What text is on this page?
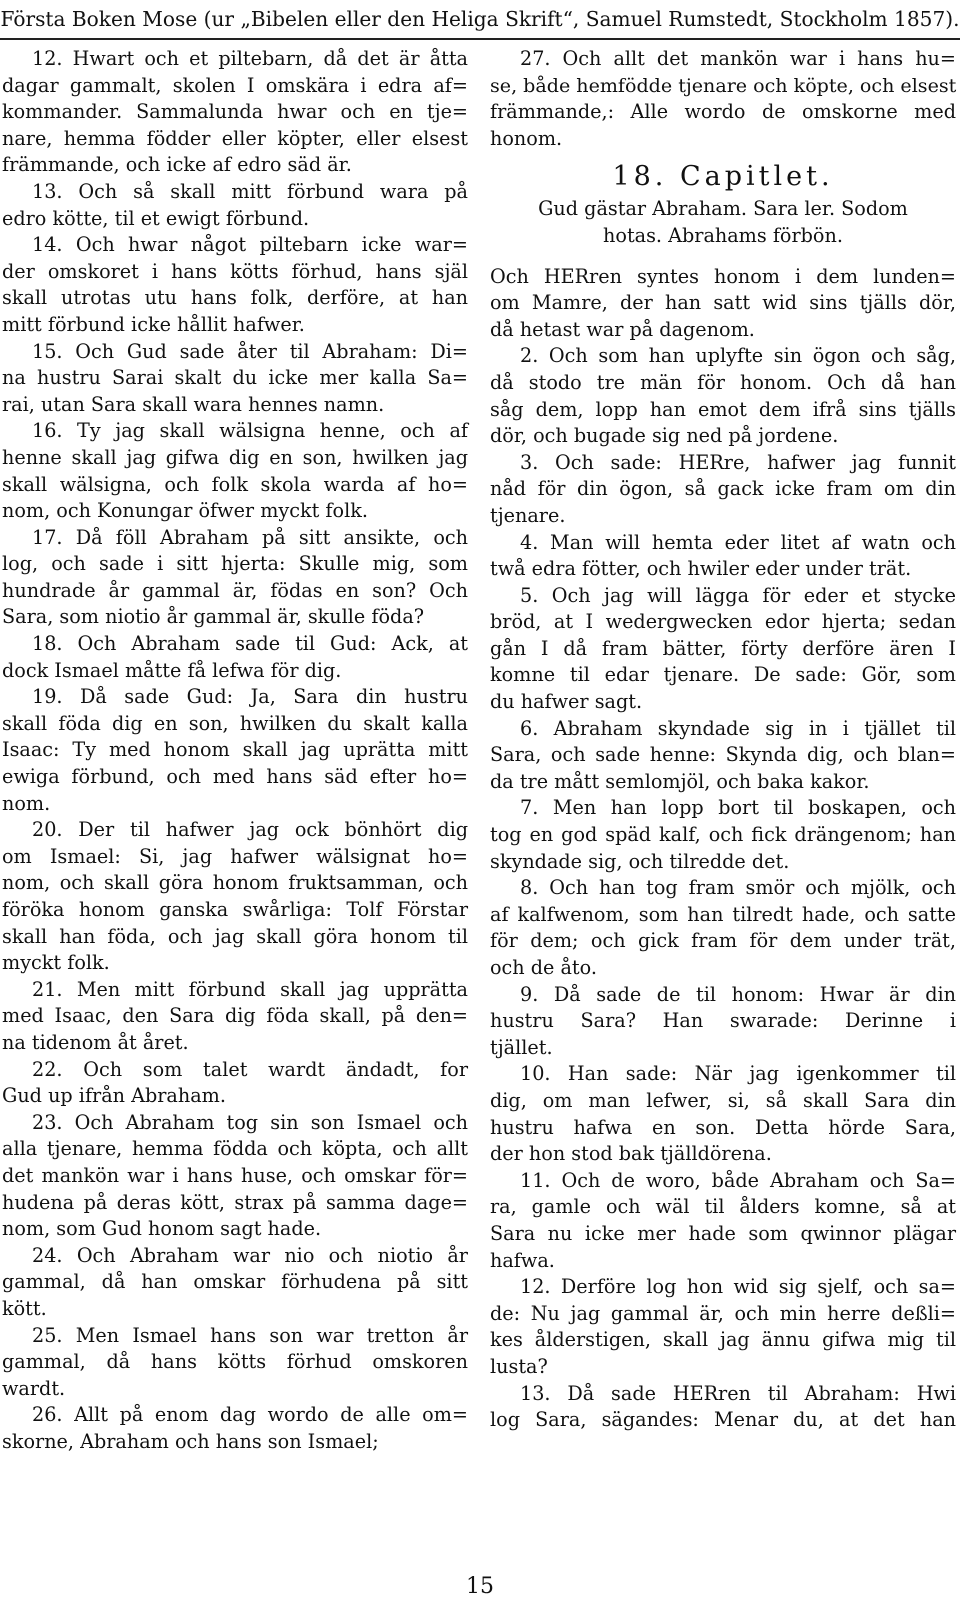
Första Boken Mose (ur „Bibelen eller den Heliga Skrift“, Samuel Rumstedt, Stockholm 1857).
12. Hwart och et piltebarn, då det är åtta
dagar gammalt, skolen I omskära i edra af=
kommander. Sammalunda hwar och en tje=
nare, hemma födder eller köpter, eller elsest
främmande, och icke af edro säd är.
13. Och så skall mitt förbund wara på
edro kötte, til et ewigt förbund.
14. Och hwar något piltebarn icke war=
der omskoret i hans kötts förhud, hans själ
skall utrotas utu hans folk, derföre, at han
mitt förbund icke hållit hafwer.
15. Och Gud sade åter til Abraham: Di=
na hustru Sarai skalt du icke mer kalla Sa=
rai, utan Sara skall wara hennes namn.
16. Ty jag skall wälsigna henne, och af
henne skall jag gifwa dig en son, hwilken jag
skall wälsigna, och folk skola warda af ho=
nom, och Konungar öfwer myckt folk.
17. Då föll Abraham på sitt ansikte, och
log, och sade i sitt hjerta: Skulle mig, som
hundrade år gammal är, födas en son? Och
Sara, som niotio år gammal är, skulle föda?
18. Och Abraham sade til Gud: Ack, at
dock Ismael måtte få lefwa för dig.
19. Då sade Gud: Ja, Sara din hustru
skall föda dig en son, hwilken du skalt kalla
Isaac: Ty med honom skall jag uprätta mitt
ewiga förbund, och med hans säd efter ho=
nom.
20. Der til hafwer jag ock bönhört dig
om Ismael: Si, jag hafwer wälsignat ho=
nom, och skall göra honom fruktsamman, och
föröka honom ganska swårliga: Tolf Förstar
skall han föda, och jag skall göra honom til
myckt folk.
21. Men mitt förbund skall jag upprätta
med Isaac, den Sara dig föda skall, på den=
na tidenom åt året.
22. Och som talet wardt ändadt, for
Gud up ifrån Abraham.
23. Och Abraham tog sin son Ismael och
alla tjenare, hemma födda och köpta, och allt
det mankön war i hans huse, och omskar för=
hudena på deras kött, strax på samma dage=
nom, som Gud honom sagt hade.
24. Och Abraham war nio och niotio år
gammal, då han omskar förhudena på sitt
kött.
25. Men Ismael hans son war tretton år
gammal, då hans kötts förhud omskoren
wardt.
26. Allt på enom dag wordo de alle om=
skorne, Abraham och hans son Ismael;
27. Och allt det mankön war i hans hu=
se, både hemfödde tjenare och köpte, och elsest
främmande,: Alle wordo de omskorne med
honom.
18. Capitlet.
Gud gästar Abraham. Sara ler. Sodom
hotas. Abrahams förbön.
Och HERren syntes honom i dem lunden=
om Mamre, der han satt wid sins tjälls dör,
då hetast war på dagenom.
2. Och som han uplyfte sin ögon och såg,
då stodo tre män för honom. Och då han
såg dem, lopp han emot dem ifrå sins tjälls
dör, och bugade sig ned på jordene.
3. Och sade: HERre, hafwer jag funnit
nåd för din ögon, så gack icke fram om din
tjenare.
4. Man will hemta eder litet af watn och
twå edra fötter, och hwiler eder under trät.
5. Och jag will lägga för eder et stycke
bröd, at I wedergwecken edor hjerta; sedan
gån I då fram bätter, förty derföre ären I
komne til edar tjenare. De sade: Gör, som
du hafwer sagt.
6. Abraham skyndade sig in i tjället til
Sara, och sade henne: Skynda dig, och blan=
da tre mått semlomjöl, och baka kakor.
7. Men han lopp bort til boskapen, och
tog en god späd kalf, och fick drängenom; han
skyndade sig, och tilredde det.
8. Och han tog fram smör och mjölk, och
af kalfwenom, som han tilredt hade, och satte
för dem; och gick fram för dem under trät,
och de åto.
9. Då sade de til honom: Hwar är din
hustru Sara? Han swarade: Derinne i
tjället.
10. Han sade: När jag igenkommer til
dig, om man lefwer, si, så skall Sara din
hustru hafwa en son. Detta hörde Sara,
der hon stod bak tjälldörena.
11. Och de woro, både Abraham och Sa=
ra, gamle och wäl til ålders komne, så at
Sara nu icke mer hade som qwinnor plägar
hafwa.
12. Derföre log hon wid sig sjelf, och sa=
de: Nu jag gammal är, och min herre deßli=
kes ålderstigen, skall jag ännu gifwa mig til
lusta?
13. Då sade HERren til Abraham: Hwi
log Sara, sägandes: Menar du, at det han
15
